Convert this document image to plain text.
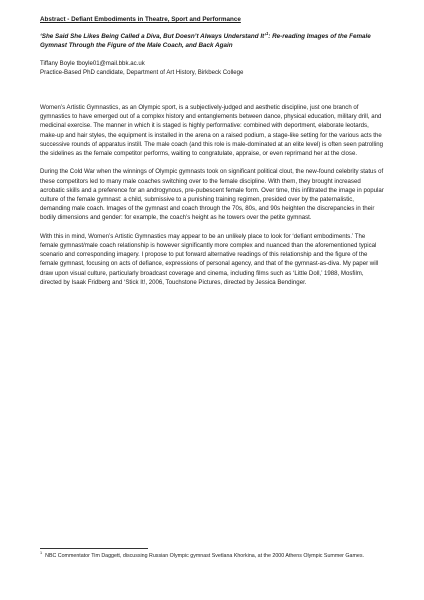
Abstract - Defiant Embodiments in Theatre, Sport and Performance

‘She Said She Likes Being Called a Diva, But Doesn’t Always Understand It’$^1$: Re-reading Images of the Female Gymnast Through the Figure of the Male Coach, and Back Again

Tiffany Boyle tboyle01@mail.bbk.ac.uk

Practice-Based PhD candidate, Department of Art History, Birkbeck College

Women’s Artistic Gymnastics, as an Olympic sport, is a subjectively-judged and aesthetic discipline, just one branch of gymnastics to have emerged out of a complex history and entanglements between dance, physical education, military drill, and medicinal exercise. The manner in which it is staged is highly performative: combined with deportment, elaborate leotards, make-up and hair styles, the equipment is installed in the arena on a raised podium, a stage-like setting for the various acts the successive rounds of apparatus instill. The male coach (and this role is male-dominated at an elite level) is often seen patrolling the sidelines as the female competitor performs, waiting to congratulate, appraise, or even reprimand her at the close.

During the Cold War when the winnings of Olympic gymnasts took on significant political clout, the new-found celebrity status of these competitors led to many male coaches switching over to the female discipline. With them, they brought increased acrobatic skills and a preference for an androgynous, pre-pubescent female form. Over time, this infiltrated the image in popular culture of the female gymnast: a child, submissive to a punishing training regimen, presided over by the paternalistic, demanding male coach. Images of the gymnast and coach through the 70s, 80s, and 90s heighten the discrepancies in their bodily dimensions and gender: for example, the coach’s height as he towers over the petite gymnast.

With this in mind, Women’s Artistic Gymnastics may appear to be an unlikely place to look for ‘defiant embodiments.’ The female gymnast/male coach relationship is however significantly more complex and nuanced than the aforementioned typical scenario and corresponding imagery. I propose to put forward alternative readings of this relationship and the figure of the female gymnast, focusing on acts of defiance, expressions of personal agency, and that of the gymnast-as-diva. My paper will draw upon visual culture, particularly broadcast coverage and cinema, including films such as ‘Little Doll,’ 1988, Mosfilm, directed by Isaak Fridberg and ‘Stick It!, 2006, Touchstone Pictures, directed by Jessica Bendinger.

$^1$ NBC Commentator Tim Daggett, discussing Russian Olympic gymnast Svetlana Khorkina, at the 2000 Athens Olympic Summer Games.
